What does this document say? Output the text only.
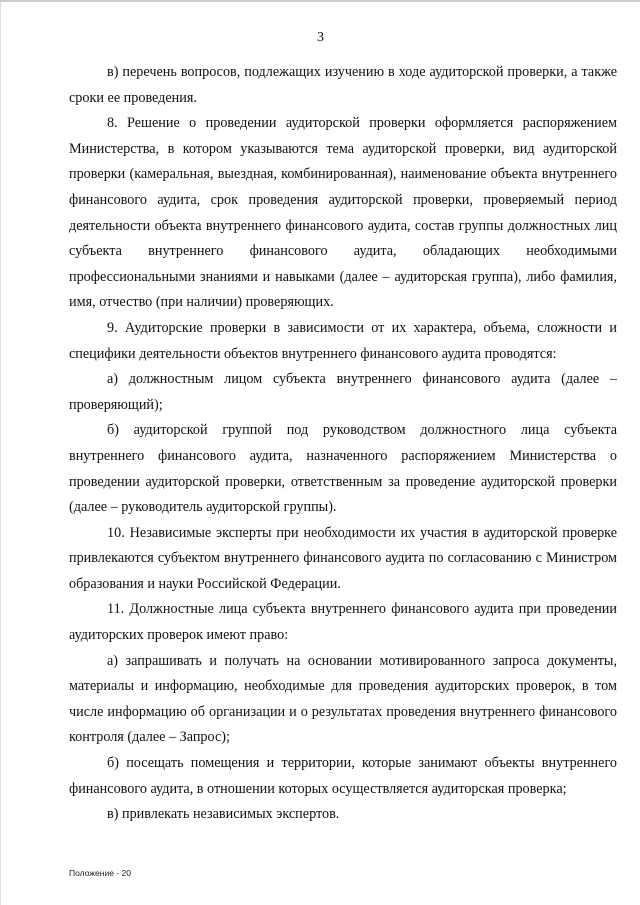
3

в) перечень вопросов, подлежащих изучению в ходе аудиторской проверки, а также сроки ее проведения.

8. Решение о проведении аудиторской проверки оформляется распоряжением Министерства, в котором указываются тема аудиторской проверки, вид аудиторской проверки (камеральная, выездная, комбинированная), наименование объекта внутреннего финансового аудита, срок проведения аудиторской проверки, проверяемый период деятельности объекта внутреннего финансового аудита, состав группы должностных лиц субъекта внутреннего финансового аудита, обладающих необходимыми профессиональными знаниями и навыками (далее – аудиторская группа), либо фамилия, имя, отчество (при наличии) проверяющих.

9. Аудиторские проверки в зависимости от их характера, объема, сложности и специфики деятельности объектов внутреннего финансового аудита проводятся:

а) должностным лицом субъекта внутреннего финансового аудита (далее – проверяющий);

б) аудиторской группой под руководством должностного лица субъекта внутреннего финансового аудита, назначенного распоряжением Министерства о проведении аудиторской проверки, ответственным за проведение аудиторской проверки (далее – руководитель аудиторской группы).

10. Независимые эксперты при необходимости их участия в аудиторской проверке привлекаются субъектом внутреннего финансового аудита по согласованию с Министром образования и науки Российской Федерации.

11. Должностные лица субъекта внутреннего финансового аудита при проведении аудиторских проверок имеют право:

а) запрашивать и получать на основании мотивированного запроса документы, материалы и информацию, необходимые для проведения аудиторских проверок, в том числе информацию об организации и о результатах проведения внутреннего финансового контроля (далее – Запрос);

б) посещать помещения и территории, которые занимают объекты внутреннего финансового аудита, в отношении которых осуществляется аудиторская проверка;

в) привлекать независимых экспертов.

Положение - 20
